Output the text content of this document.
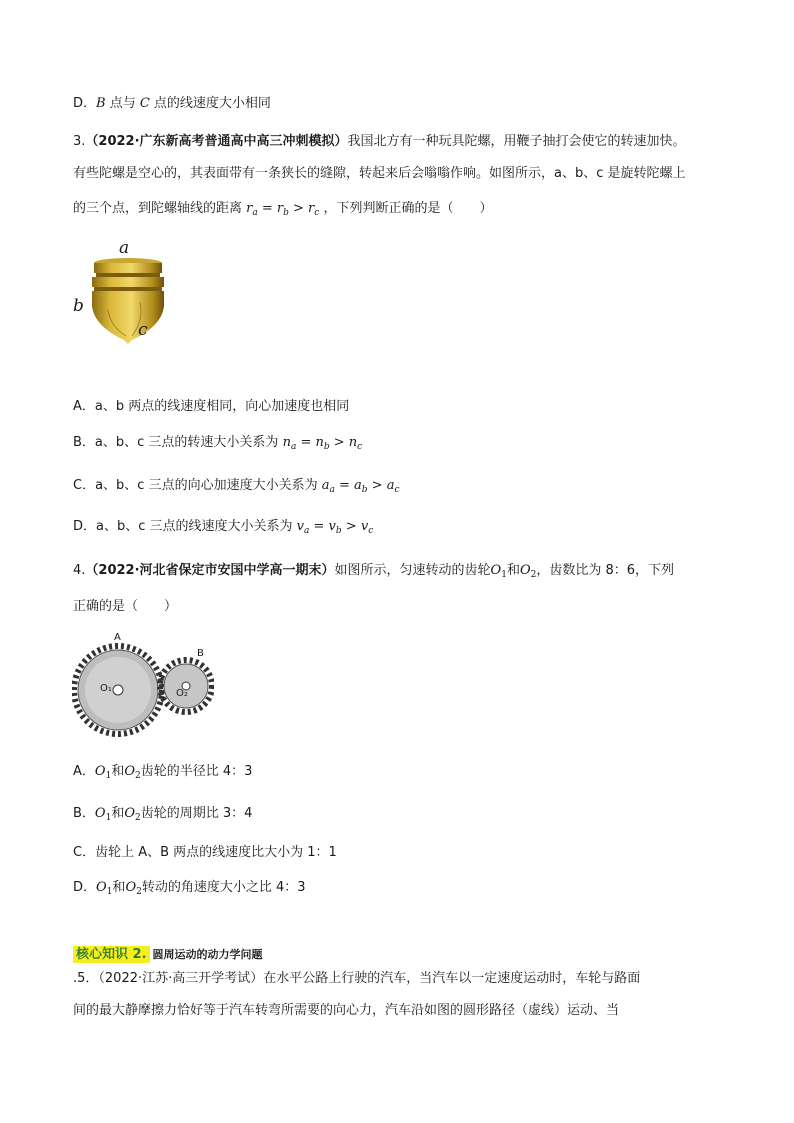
D．B 点与 C 点的线速度大小相同
3.（2022·广东新高考普通高中高三冲刺模拟）我国北方有一种玩具陀螺，用鞭子抽打会使它的转速加快。
有些陀螺是空心的，其表面带有一条狭长的缝隙，转起来后会嗡嗡作响。如图所示，a、b、c 是旋转陀螺上
的三个点，到陀螺轴线的距离 $r_a = r_b > r_c$ ，下列判断正确的是（　　）
a
b
c
A．a、b 两点的线速度相同，向心加速度也相同
B．a、b、c 三点的转速大小关系为 $n_a = n_b > n_c$
C．a、b、c 三点的向心加速度大小关系为 $a_a = a_b > a_c$
D．a、b、c 三点的线速度大小关系为 $v_a = v_b > v_c$
4.（2022·河北省保定市安国中学高一期末）如图所示，匀速转动的齿轮$O_1$和$O_2$，齿数比为 8：6，下列
正确的是（　　）
A
B
O₁	O₂
A．$O_1$和$O_2$齿轮的半径比 4：3
B．$O_1$和$O_2$齿轮的周期比 3：4
C．齿轮上 A、B 两点的线速度比大小为 1：1
D．$O_1$和$O_2$转动的角速度大小之比 4：3
核心知识 2. 圆周运动的动力学问题
.5．（2022·江苏·高三开学考试）在水平公路上行驶的汽车，当汽车以一定速度运动时，车轮与路面
间的最大静摩擦力恰好等于汽车转弯所需要的向心力，汽车沿如图的圆形路径（虚线）运动、当
